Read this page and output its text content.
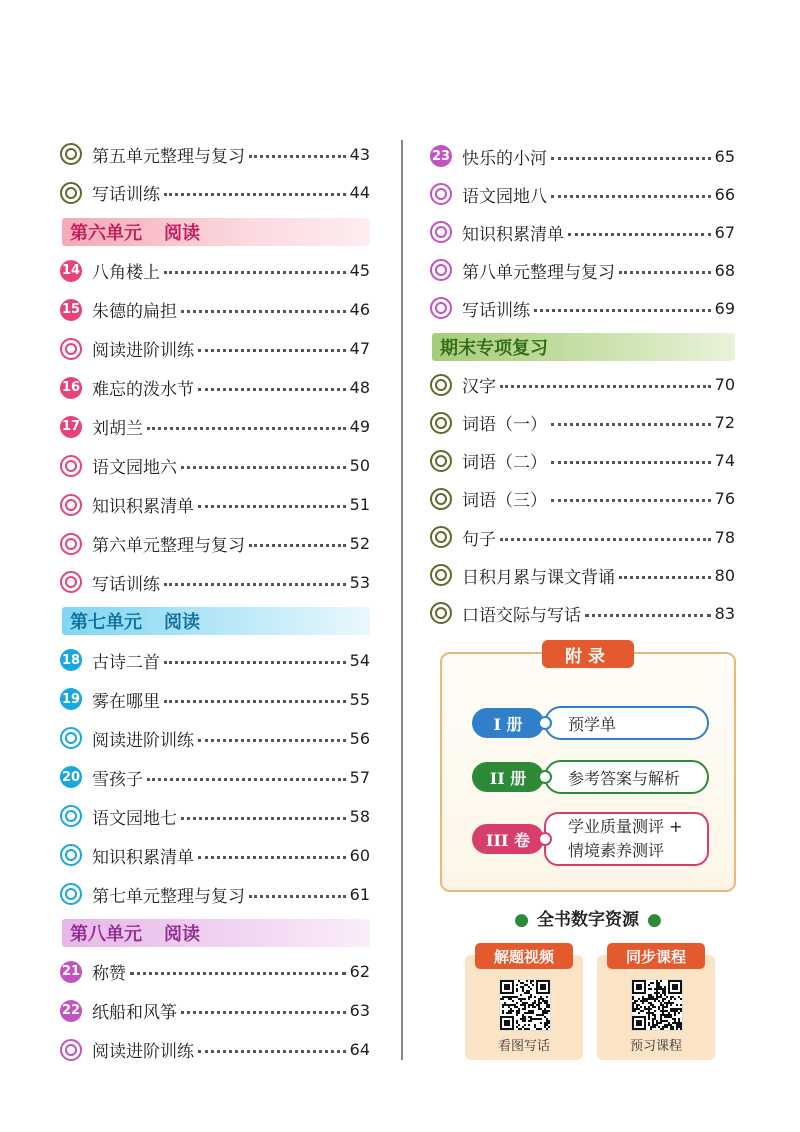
第五单元整理与复习	43
写话训练	44
第六单元 阅读
14 八角楼上	45
15 朱德的扁担	46
阅读进阶训练	47
16 难忘的泼水节	48
17 刘胡兰	49
语文园地六	50
知识积累清单	51
第六单元整理与复习	52
写话训练	53
第七单元 阅读
18 古诗二首	54
19 雾在哪里	55
阅读进阶训练	56
20 雪孩子	57
语文园地七	58
知识积累清单	60
第七单元整理与复习	61
第八单元 阅读
21 称赞	62
22 纸船和风筝	63
阅读进阶训练	64
23 快乐的小河	65
语文园地八	66
知识积累清单	67
第八单元整理与复习	68
写话训练	69
期末专项复习
汉字	70
词语（一）	72
词语（二）	74
词语（三）	76
句子	78
日积月累与课文背诵	80
口语交际与写话	83
附录
I 册	预学单
II 册	参考答案与解析
III 卷
学业质量测评 +
情境素养测评
● 全书数字资源 ●
解题视频
看图写话
同步课程
预习课程
